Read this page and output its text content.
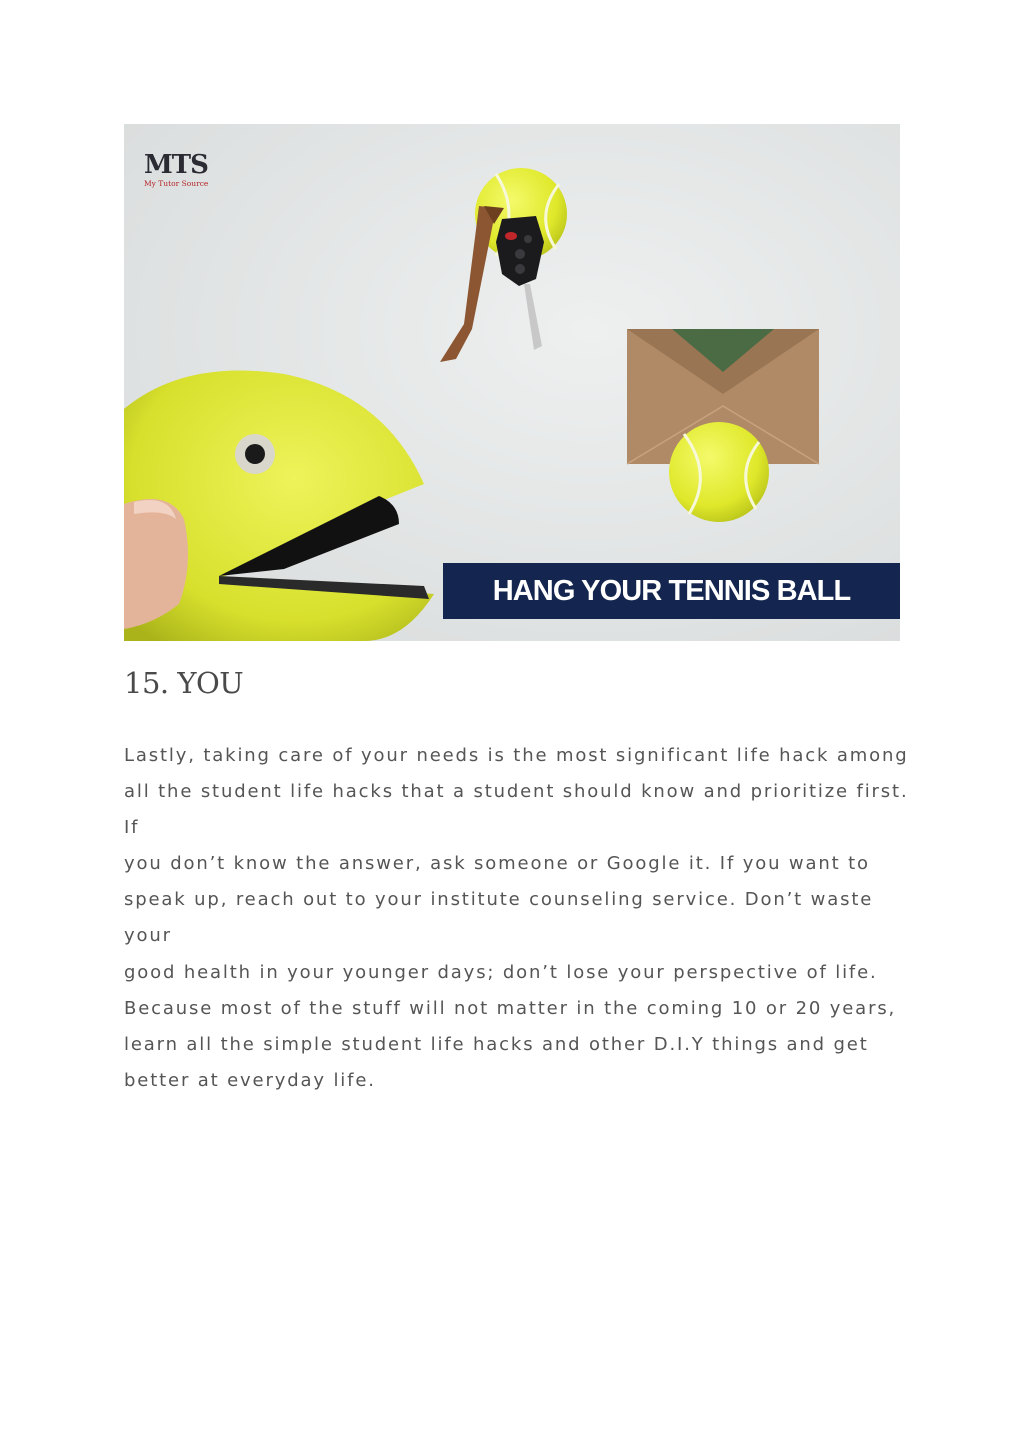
MTS
My Tutor Source
HANG YOUR TENNIS BALL
15. YOU

Lastly, taking care of your needs is the most significant life hack among
all the student life hacks that a student should know and prioritize first. If
you don’t know the answer, ask someone or Google it. If you want to
speak up, reach out to your institute counseling service. Don’t waste your
good health in your younger days; don’t lose your perspective of life.
Because most of the stuff will not matter in the coming 10 or 20 years,
learn all the simple student life hacks and other D.I.Y things and get
better at everyday life.
